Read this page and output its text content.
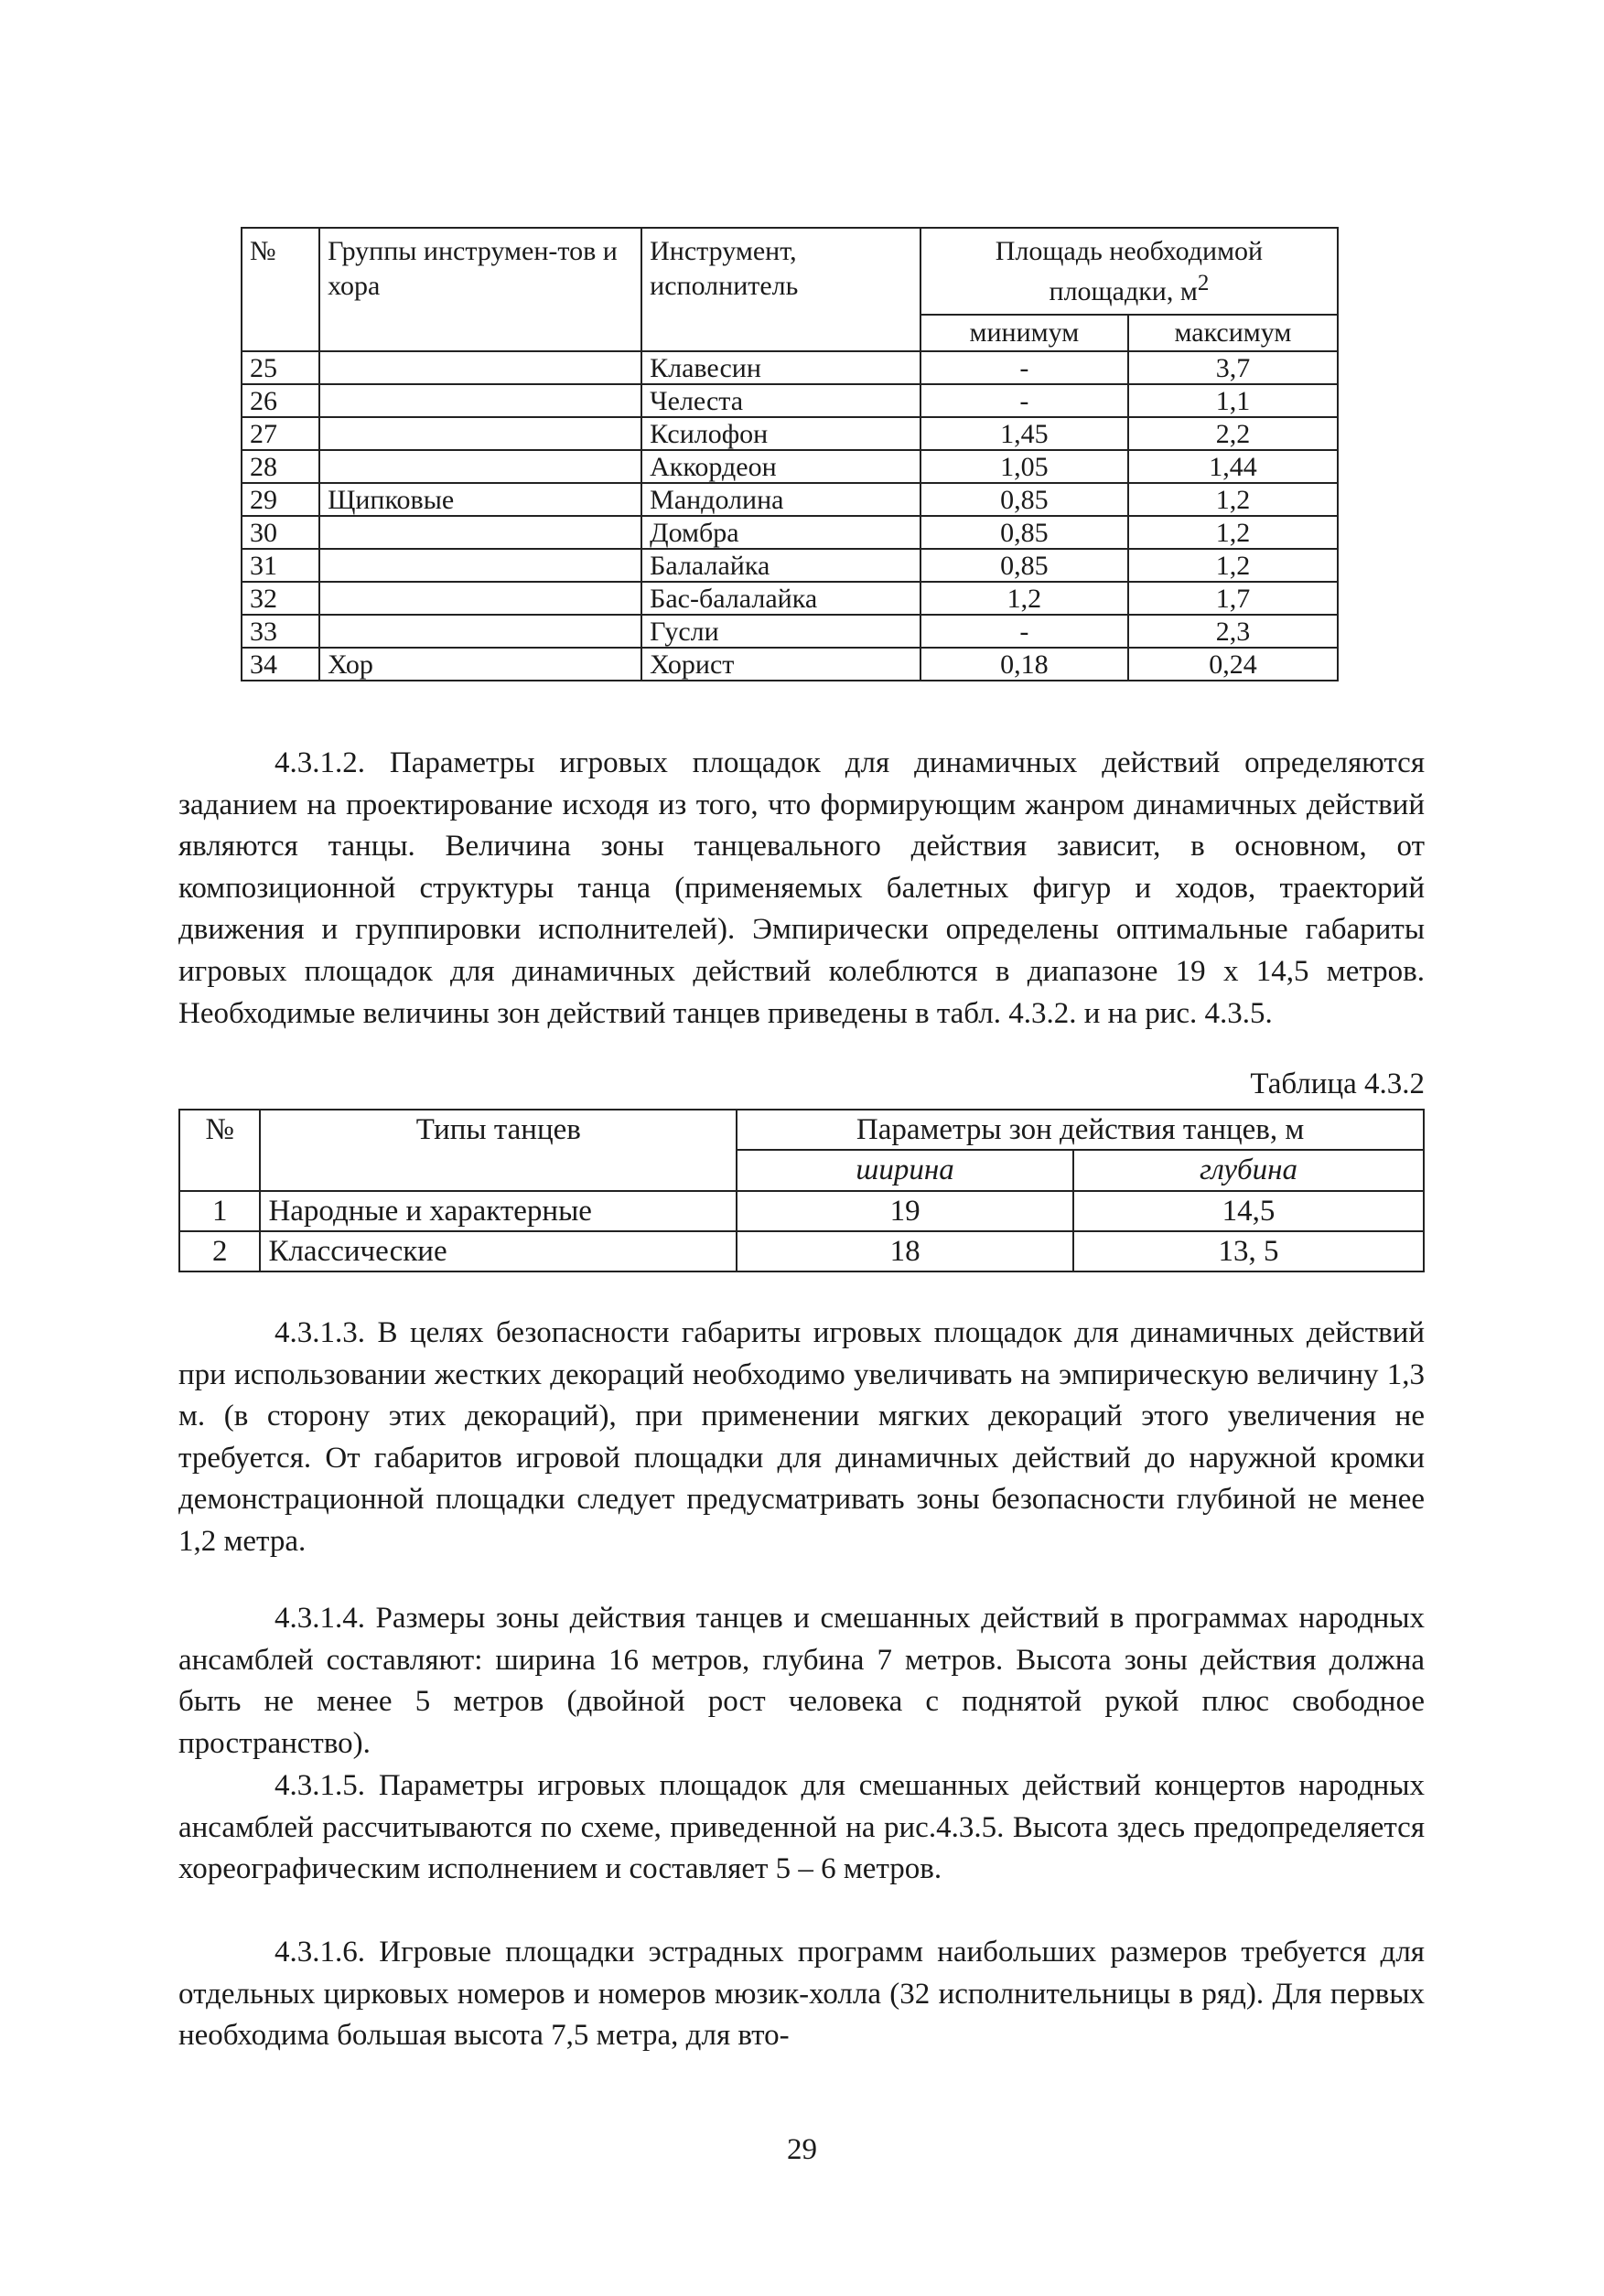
№	Группы инструмен-тов и хора	Инструмент, исполнитель	Площадь необходимой
площадки, $м^2$
			минимум	максимум
25		Клавесин	-	3,7
26		Челеста	-	1,1
27		Ксилофон	1,45	2,2
28		Аккордеон	1,05	1,44
29	Щипковые	Мандолина	0,85	1,2
30		Домбра	0,85	1,2
31		Балалайка	0,85	1,2
32		Бас-балалайка	1,2	1,7
33		Гусли	-	2,3
34	Хор	Хорист	0,18	0,24

4.3.1.2. Параметры игровых площадок для динамичных действий определяются заданием на проектирование исходя из того, что формирующим жанром динамичных действий являются танцы. Величина зоны танцевального действия зависит, в основном, от композиционной структуры танца (применяемых балетных фигур и ходов, траекторий движения и группировки исполнителей). Эмпирически определены оптимальные габариты игровых площадок для динамичных действий колеблются в диапазоне 19 х 14,5 метров. Необходимые величины зон действий танцев приведены в табл. 4.3.2. и на рис. 4.3.5.

Таблица 4.3.2
№	Типы танцев	Параметры зон действия танцев, м	
		ширина	глубина
1	Народные и характерные	19	14,5
2	Классические	18	13, 5

4.3.1.3. В целях безопасности габариты игровых площадок для динамичных действий при использовании жестких декораций необходимо увеличивать на эмпирическую величину 1,3 м. (в сторону этих декораций), при применении мягких декораций этого увеличения не требуется. От габаритов игровой площадки для динамичных действий до наружной кромки демонстрационной площадки следует предусматривать зоны безопасности глубиной не менее 1,2 метра.

4.3.1.4. Размеры зоны действия танцев и смешанных действий в программах народных ансамблей составляют: ширина 16 метров, глубина 7 метров. Высота зоны действия должна быть не менее 5 метров (двойной рост человека с поднятой рукой плюс свободное пространство).

4.3.1.5. Параметры игровых площадок для смешанных действий концертов народных ансамблей рассчитываются по схеме, приведенной на рис.4.3.5. Высота здесь предопределяется хореографическим исполнением и составляет 5 – 6 метров.

4.3.1.6. Игровые площадки эстрадных программ наибольших размеров требуется для отдельных цирковых номеров и номеров мюзик-холла (32 исполнительницы в ряд). Для первых необходима большая высота 7,5 метра, для вто-

29
